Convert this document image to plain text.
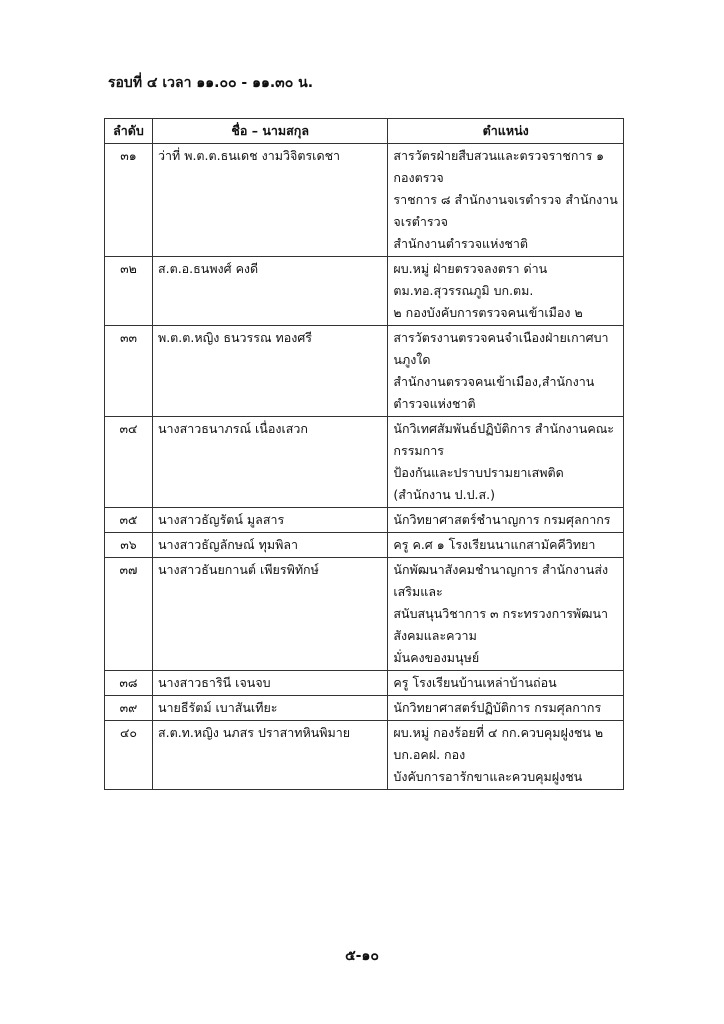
รอบที่ ๔ เวลา ๑๑.๐๐ - ๑๑.๓๐ น.
ลำดับ	ชื่อ – นามสกุล	ตำแหน่ง
๓๑	ว่าที่ พ.ต.ต.ธนเดช งามวิจิตรเดชา	สารวัตรฝ่ายสืบสวนและตรวจราชการ ๑ กองตรวจ
ราชการ ๘ สำนักงานจเรตำรวจ สำนักงานจเรตำรวจ
สำนักงานตำรวจแห่งชาติ

๓๒	ส.ต.อ.ธนพงศ์ คงดี	ผบ.หมู่ ฝ่ายตรวจลงตรา ด่าน ตม.ทอ.สุวรรณภูมิ บก.ตม.
๒ กองบังคับการตรวจคนเข้าเมือง ๒

๓๓	พ.ต.ต.หญิง ธนวรรณ ทองศรี	สารวัตรงานตรวจคนจำเนืองฝ่ายเกาศบานภูงใด
สำนักงานตรวจคนเข้าเมือง,สำนักงานตำรวจแห่งชาติ

๓๔	นางสาวธนาภรณ์ เนื่องเสวก	นักวิเทศสัมพันธ์ปฏิบัติการ สำนักงานคณะกรรมการ
ป้องกันและปราบปรามยาเสพติด (สำนักงาน ป.ป.ส.)

๓๕	นางสาวธัญรัตน์ มูลสาร	นักวิทยาศาสตร์ชำนาญการ กรมศุลกากร

๓๖	นางสาวธัญลักษณ์ ทุมพิลา	ครู ค.ศ ๑ โรงเรียนนาแกสามัคคีวิทยา

๓๗	นางสาวธันยกานต์ เพียรพิทักษ์	นักพัฒนาสังคมชำนาญการ สำนักงานส่งเสริมและ
สนับสนุนวิชาการ ๓ กระทรวงการพัฒนาสังคมและความ
มั่นคงของมนุษย์

๓๘	นางสาวธารินี เจนจบ	ครู โรงเรียนบ้านเหล่าบ้านถ่อน

๓๙	นายธีรัตม์ เบาสันเทียะ	นักวิทยาศาสตร์ปฏิบัติการ กรมศุลกากร

๔๐	ส.ต.ท.หญิง นภสร ปราสาทหินพิมาย	ผบ.หมู่ กองร้อยที่ ๔ กก.ควบคุมฝูงชน ๒ บก.อคฝ. กอง
บังคับการอารักขาและควบคุมฝูงชน
๕-๑๐
